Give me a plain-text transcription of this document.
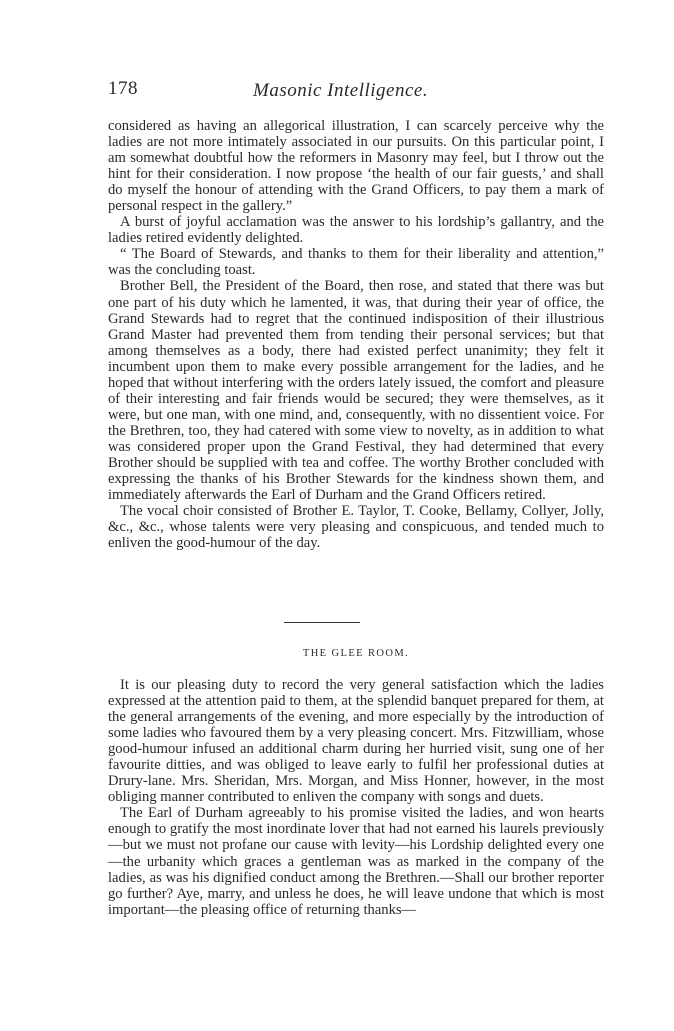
178	Masonic Intelligence.

considered as having an allegorical illustration, I can scarcely perceive why the ladies are not more intimately associated in our pursuits. On this particular point, I am somewhat doubtful how the reformers in Masonry may feel, but I throw out the hint for their consideration. I now propose ‘the health of our fair guests,’ and shall do myself the honour of attending with the Grand Officers, to pay them a mark of personal respect in the gallery.”

A burst of joyful acclamation was the answer to his lordship’s gallantry, and the ladies retired evidently delighted.

“ The Board of Stewards, and thanks to them for their liberality and attention,” was the concluding toast.

Brother Bell, the President of the Board, then rose, and stated that there was but one part of his duty which he lamented, it was, that during their year of office, the Grand Stewards had to regret that the continued indisposition of their illustrious Grand Master had prevented them from tending their personal services; but that among themselves as a body, there had existed perfect unanimity; they felt it incumbent upon them to make every possible arrangement for the ladies, and he hoped that without interfering with the orders lately issued, the comfort and pleasure of their interesting and fair friends would be secured; they were themselves, as it were, but one man, with one mind, and, consequently, with no dissentient voice. For the Brethren, too, they had catered with some view to novelty, as in addition to what was considered proper upon the Grand Festival, they had determined that every Brother should be supplied with tea and coffee. The worthy Brother concluded with expressing the thanks of his Brother Stewards for the kindness shown them, and immediately afterwards the Earl of Durham and the Grand Officers retired.

The vocal choir consisted of Brother E. Taylor, T. Cooke, Bellamy, Collyer, Jolly, &c., &c., whose talents were very pleasing and conspicuous, and tended much to enliven the good-humour of the day.

THE GLEE ROOM.

It is our pleasing duty to record the very general satisfaction which the ladies expressed at the attention paid to them, at the splendid banquet prepared for them, at the general arrangements of the evening, and more especially by the introduction of some ladies who favoured them by a very pleasing concert. Mrs. Fitzwilliam, whose good-humour infused an additional charm during her hurried visit, sung one of her favourite ditties, and was obliged to leave early to fulfil her professional duties at Drury-lane. Mrs. Sheridan, Mrs. Morgan, and Miss Honner, however, in the most obliging manner contributed to enliven the company with songs and duets.

The Earl of Durham agreeably to his promise visited the ladies, and won hearts enough to gratify the most inordinate lover that had not earned his laurels previously—but we must not profane our cause with levity—his Lordship delighted every one—the urbanity which graces a gentleman was as marked in the company of the ladies, as was his dignified conduct among the Brethren.—Shall our brother reporter go further? Aye, marry, and unless he does, he will leave undone that which is most important—the pleasing office of returning thanks—
